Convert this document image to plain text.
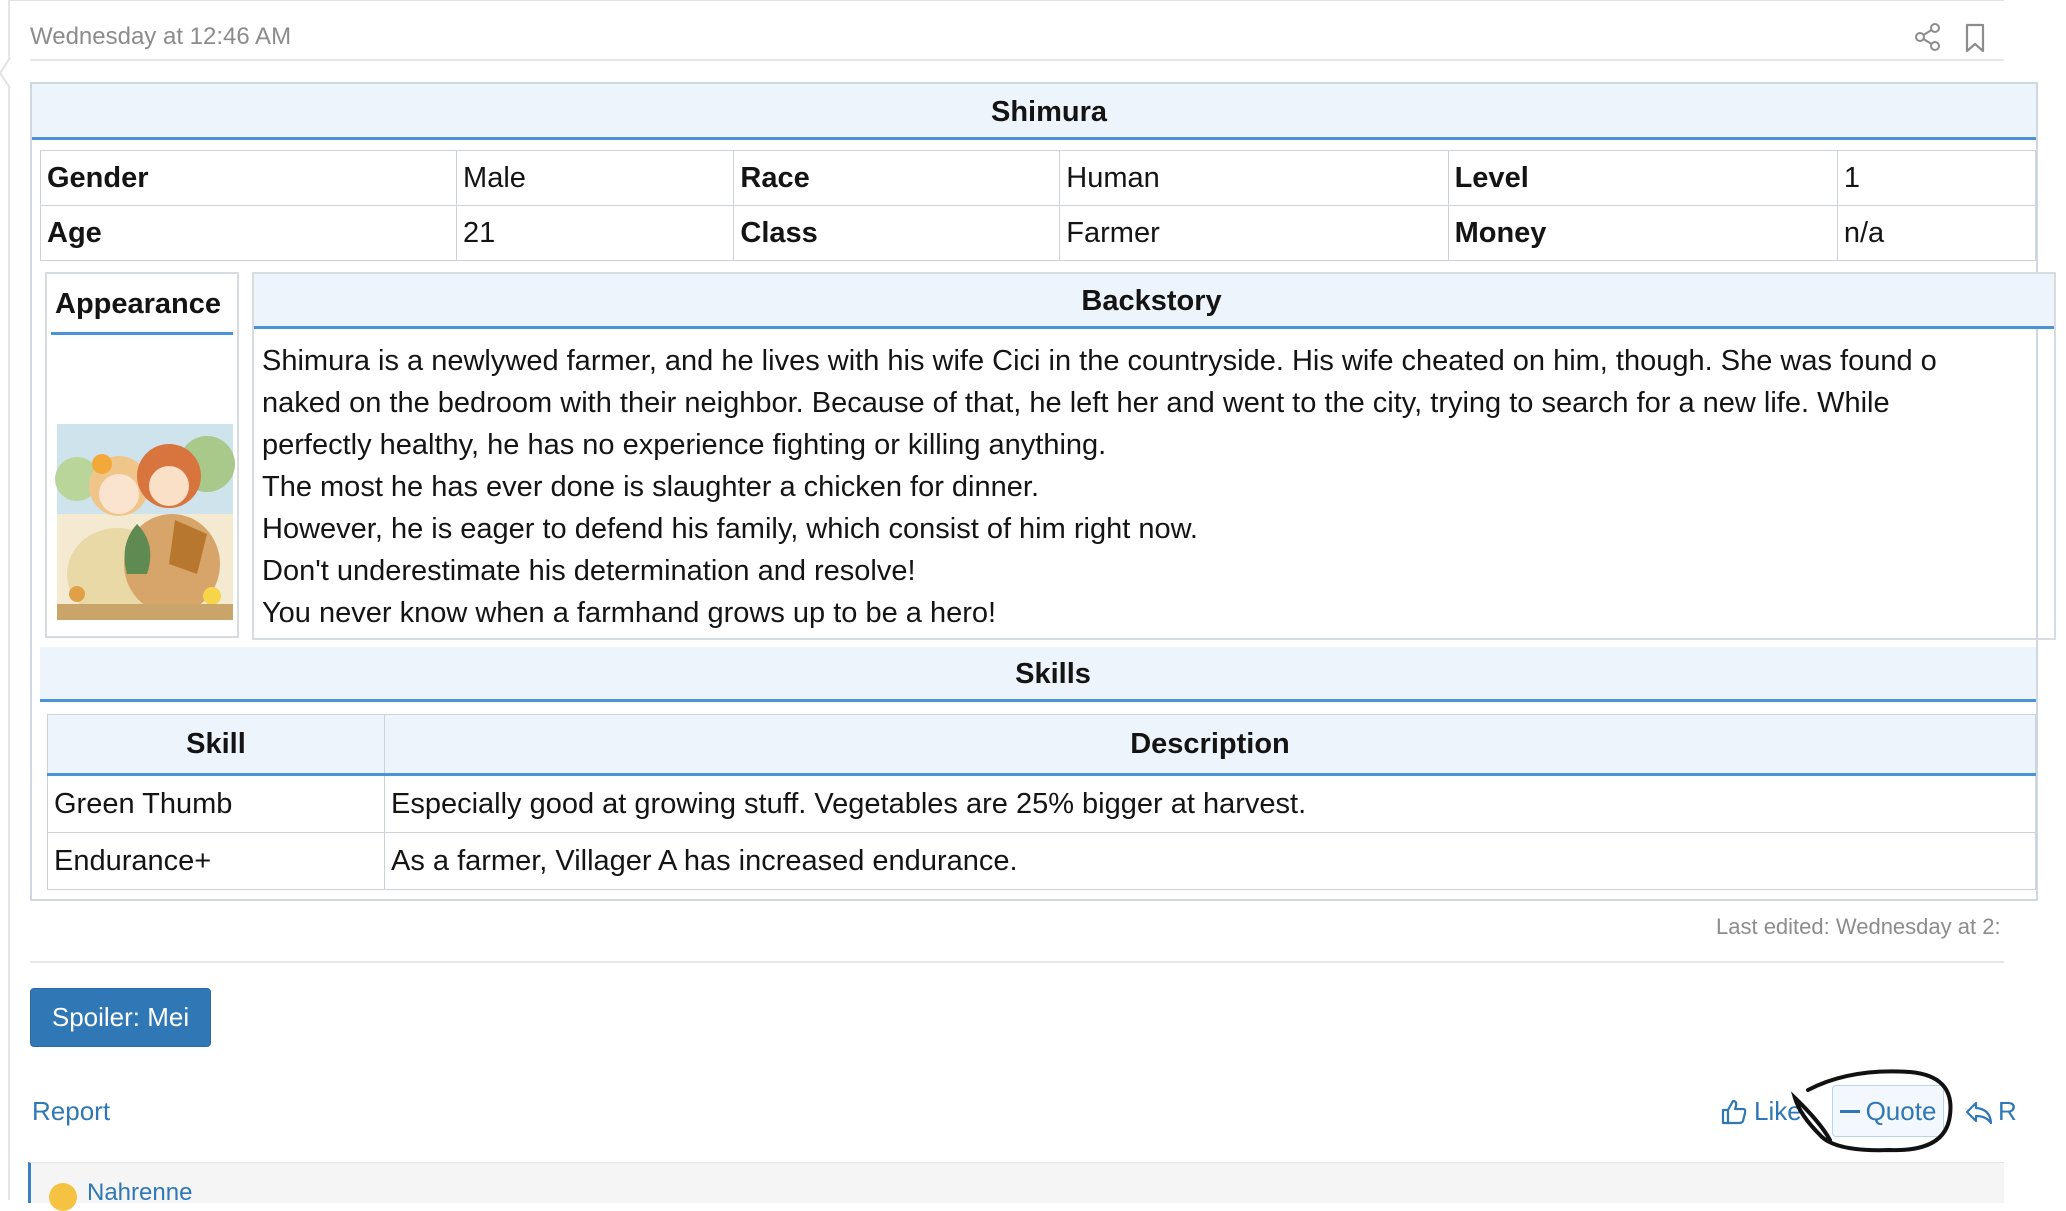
Wednesday at 12:46 AM
Shimura
Gender	Male	Race	Human	Level	1
Age	21	Class	Farmer	Money	n/a
Appearance	Backstory

Shimura is a newlywed farmer, and he lives with his wife Cici in the countryside. His wife cheated on him, though. She was found o

naked on the bedroom with their neighbor. Because of that, he left her and went to the city, trying to search for a new life. While

perfectly healthy, he has no experience fighting or killing anything.

The most he has ever done is slaughter a chicken for dinner.

However, he is eager to defend his family, which consist of him right now.

Don't underestimate his determination and resolve!

You never know when a farmhand grows up to be a hero!

Skills
Skill	Description
Green Thumb	Especially good at growing stuff. Vegetables are 25% bigger at harvest.
Endurance+	As a farmer, Villager A has increased endurance.
Last edited: Wednesday at 2:
Spoiler: Mei
Report	Like Quote R
Nahrenne
